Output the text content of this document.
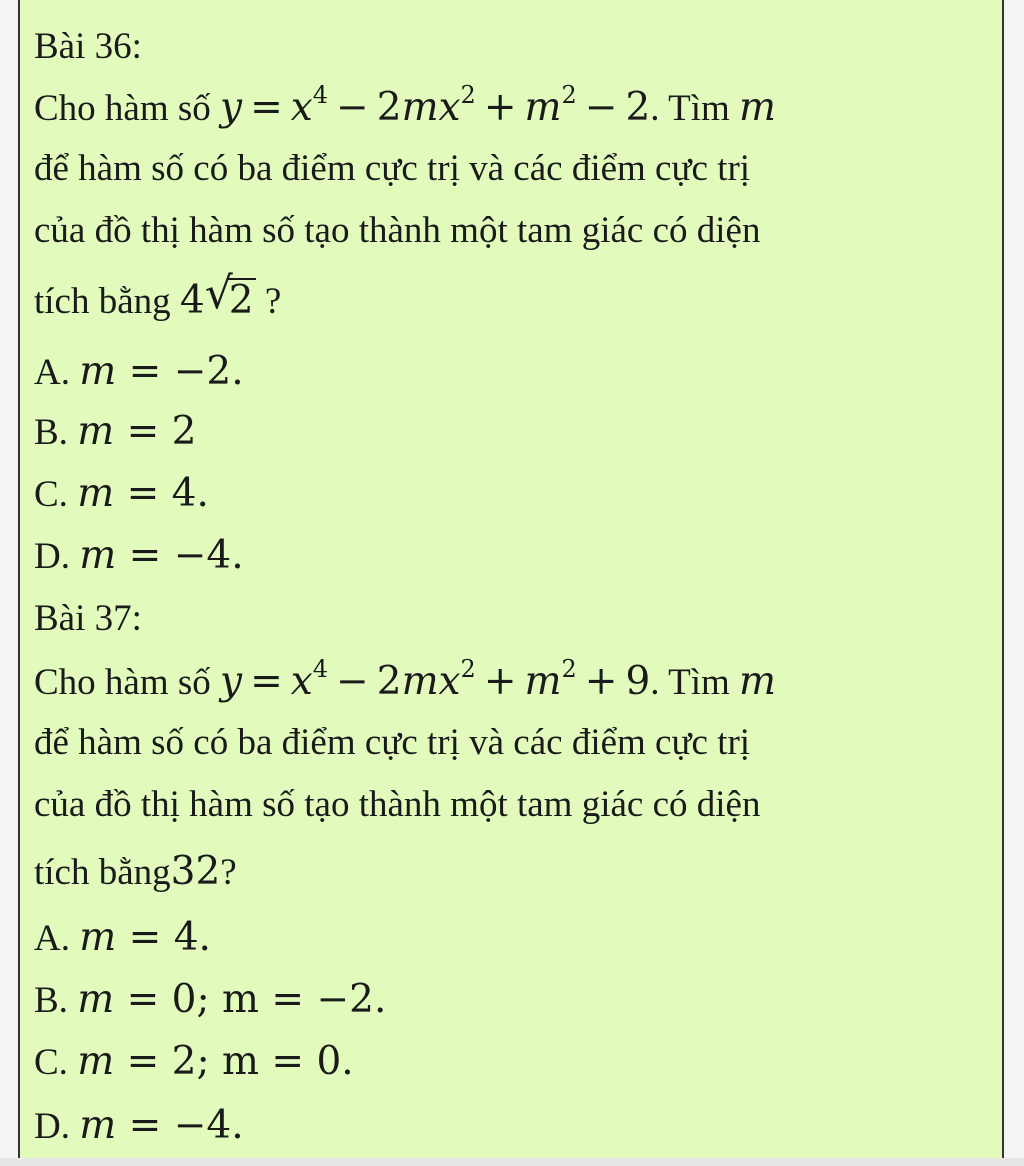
Bài 36:
Cho hàm số $y = x^4 - 2mx^2 + m^2 - 2$. Tìm m
để hàm số có ba điểm cực trị và các điểm cực trị
của đồ thị hàm số tạo thành một tam giác có diện
tích bằng 4 √
2 ?
A. m = −2.
B. m = 2
C. m = 4.
D. m = −4.
Bài 37:
Cho hàm số $y = x^4 - 2mx^2 + m^2 + 9$. Tìm m
để hàm số có ba điểm cực trị và các điểm cực trị
của đồ thị hàm số tạo thành một tam giác có diện
tích bằng32?
A. m = 4.
B. m = 0; m = −2.
C. m = 2; m = 0.
D. m = −4.
